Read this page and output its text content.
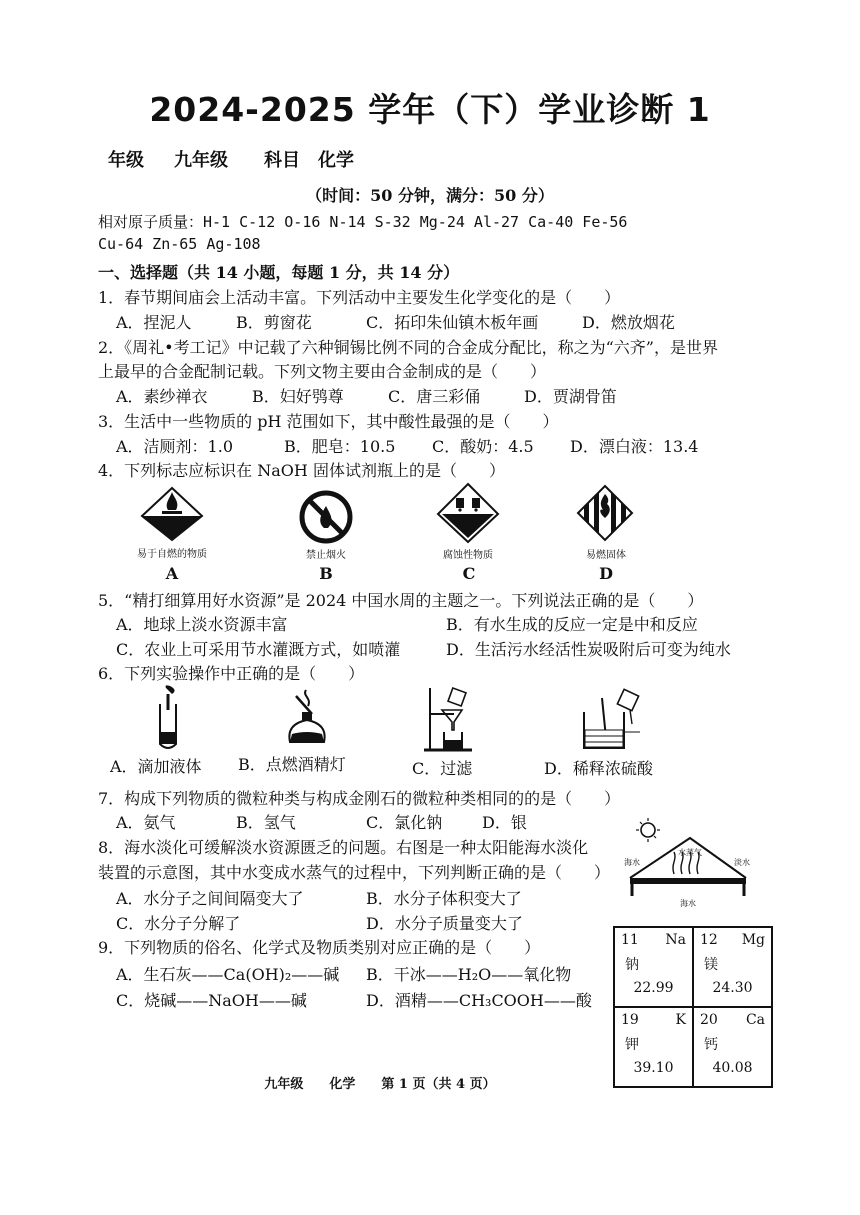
2024-2025 学年（下）学业诊断 1
年级 九年级 科目 化学
（时间：50 分钟，满分：50 分）
相对原子质量：H-1 C-12 O-16 N-14 S-32 Mg-24 Al-27 Ca-40 Fe-56
Cu-64 Zn-65 Ag-108
一、选择题（共 14 小题，每题 1 分，共 14 分）
1．春节期间庙会上活动丰富。下列活动中主要发生化学变化的是（　　）
A．捏泥人	B．剪窗花	C．拓印朱仙镇木板年画	D．燃放烟花
2．《周礼•考工记》中记载了六种铜锡比例不同的合金成分配比，称之为“六齐”，是世界
上最早的合金配制记载。下列文物主要由合金制成的是（　　）
A．素纱禅衣	B．妇好鸮尊	C．唐三彩俑	D．贾湖骨笛
3．生活中一些物质的 pH 范围如下，其中酸性最强的是（　　）
A．洁厕剂：1.0	B．肥皂：10.5 C．酸奶：4.5 D．漂白液：13.4
4．下列标志应标识在 NaOH 固体试剂瓶上的是（　　）
易于自燃的物质
A
禁止烟火
B
腐蚀性物质
C
易燃固体
D
5．“精打细算用好水资源”是 2024 中国水周的主题之一。下列说法正确的是（　　）
A．地球上淡水资源丰富	B．有水生成的反应一定是中和反应
C．农业上可采用节水灌溉方式，如喷灌	D．生活污水经活性炭吸附后可变为纯水
6．下列实验操作中正确的是（　　）
A．滴加液体 B．点燃酒精灯	C．过滤	D．稀释浓硫酸
7．构成下列物质的微粒种类与构成金刚石的微粒种类相同的的是（　　）
A．氨气	B．氢气	C．氯化钠 D．银
8．海水淡化可缓解淡水资源匮乏的问题。右图是一种太阳能海水淡化
装置的示意图，其中水变成水蒸气的过程中，下列判断正确的是（　　）
A．水分子之间间隔变大了	B．水分子体积变大了
C．水分子分解了	D．水分子质量变大了
海水
水蒸气
淡水
海水
9．下列物质的俗名、化学式及物质类别对应正确的是（　　）
A．生石灰——Ca(OH)₂——碱 B．干冰——H₂O——氧化物
C．烧碱——NaOH——碱	D．酒精——CH₃COOH——酸
11 Na
钠
22.99	12 Mg
镁
24.30

19 K
钾
39.10	20 Ca
钙
40.08
九年级　　化学　　第 1 页（共 4 页）
